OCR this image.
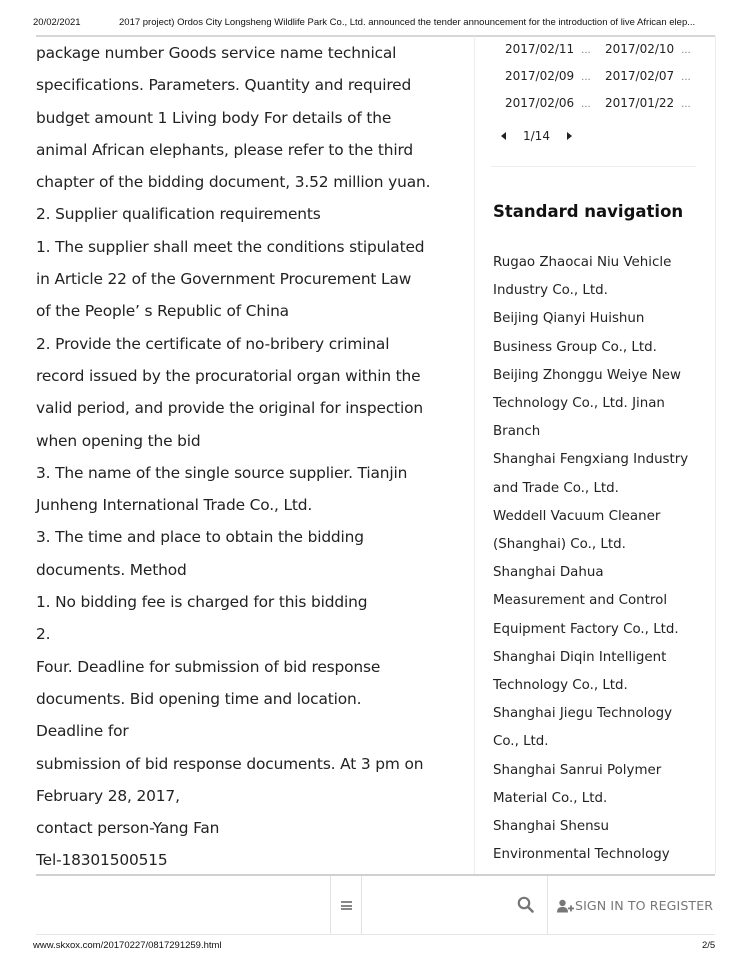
20/02/2021	2017 project) Ordos City Longsheng Wildlife Park Co., Ltd. announced the tender announcement for the introduction of live African elep...
package number Goods service name technical
specifications. Parameters. Quantity and required
budget amount 1 Living body For details of the
animal African elephants, please refer to the third
chapter of the bidding document, 3.52 million yuan.
2. Supplier qualification requirements
1. The supplier shall meet the conditions stipulated
in Article 22 of the Government Procurement Law
of the People’ s Republic of China
2. Provide the certificate of no-bribery criminal
record issued by the procuratorial organ within the
valid period, and provide the original for inspection
when opening the bid
3. The name of the single source supplier. Tianjin
Junheng International Trade Co., Ltd.
3. The time and place to obtain the bidding
documents. Method
1. No bidding fee is charged for this bidding
2.
Four. Deadline for submission of bid response
documents. Bid opening time and location.
Deadline for
submission of bid response documents. At 3 pm on
February 28, 2017,
contact person-Yang Fan
Tel-18301500515
2017/02/11 ...	2017/02/10 ...
2017/02/09 ...	2017/02/07 ...
2017/02/06 ...	2017/01/22 ...
1/14
Standard navigation
Rugao Zhaocai Niu Vehicle
Industry Co., Ltd.
Beijing Qianyi Huishun
Business Group Co., Ltd.
Beijing Zhonggu Weiye New
Technology Co., Ltd. Jinan
Branch
Shanghai Fengxiang Industry
and Trade Co., Ltd.
Weddell Vacuum Cleaner
(Shanghai) Co., Ltd.
Shanghai Dahua
Measurement and Control
Equipment Factory Co., Ltd.
Shanghai Diqin Intelligent
Technology Co., Ltd.
Shanghai Jiegu Technology
Co., Ltd.
Shanghai Sanrui Polymer
Material Co., Ltd.
Shanghai Shensu
Environmental Technology
SIGN IN TO REGISTER
www.skxox.com/20170227/0817291259.html	2/5
